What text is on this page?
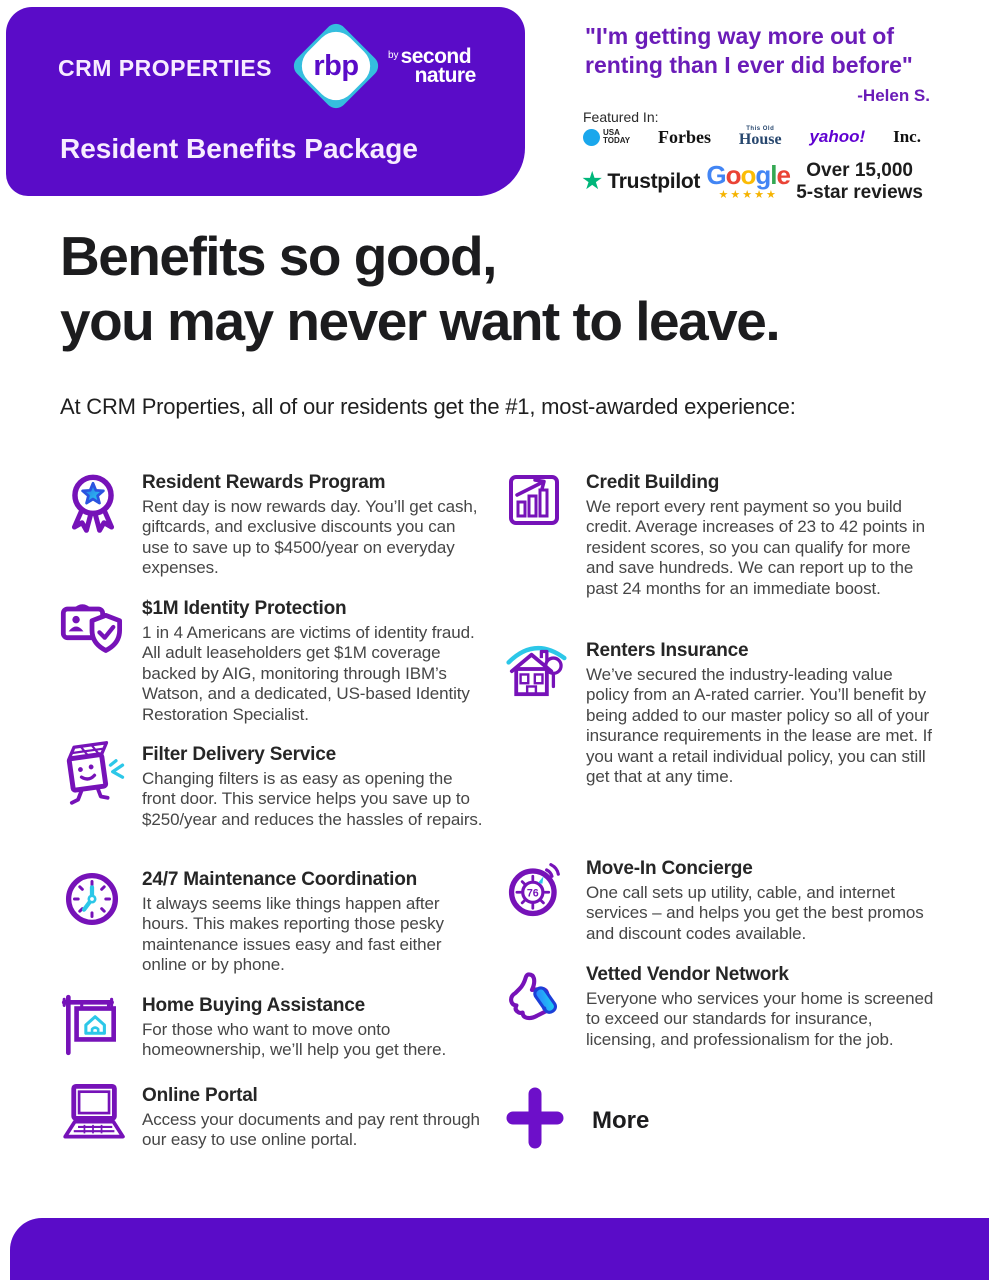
CRM PROPERTIES	rbp	by second
nature
Resident Benefits Package
"I'm getting way more out of renting than I ever did before"
-Helen S.
Featured In:
USA
TODAY Forbes	This Old
House yahoo! Inc.
★ Trustpilot Google
★★★★★
Over 15,000
5-star reviews
Benefits so good,
you may never want to leave.
At CRM Properties, all of our residents get the #1, most-awarded experience:
Resident Rewards Program
Rent day is now rewards day. You’ll get cash, giftcards, and exclusive discounts you can use to save up to $4500/year on everyday expenses.
$1M Identity Protection
1 in 4 Americans are victims of identity fraud. All adult leaseholders get $1M coverage backed by AIG, monitoring through IBM’s Watson, and a dedicated, US-based Identity Restoration Specialist.
Filter Delivery Service
Changing filters is as easy as opening the front door. This service helps you save up to $250/year and reduces the hassles of repairs.
24/7 Maintenance Coordination
It always seems like things happen after hours. This makes reporting those pesky maintenance issues easy and fast either online or by phone.
Home Buying Assistance
For those who want to move onto homeownership, we’ll help you get there.
Online Portal
Access your documents and pay rent through our easy to use online portal.
Credit Building
We report every rent payment so you build credit. Average increases of 23 to 42 points in resident scores, so you can qualify for more and save hundreds. We can report up to the past 24 months for an immediate boost.
Renters Insurance
We’ve secured the industry-leading value policy from an A-rated carrier. You’ll benefit by being added to our master policy so all of your insurance requirements in the lease are met. If you want a retail individual policy, you can still get that at any time.
76
Move-In Concierge
One call sets up utility, cable, and internet services – and helps you get the best promos and discount codes available.
Vetted Vendor Network
Everyone who services your home is screened to exceed our standards for insurance, licensing, and professionalism for the job.
More
